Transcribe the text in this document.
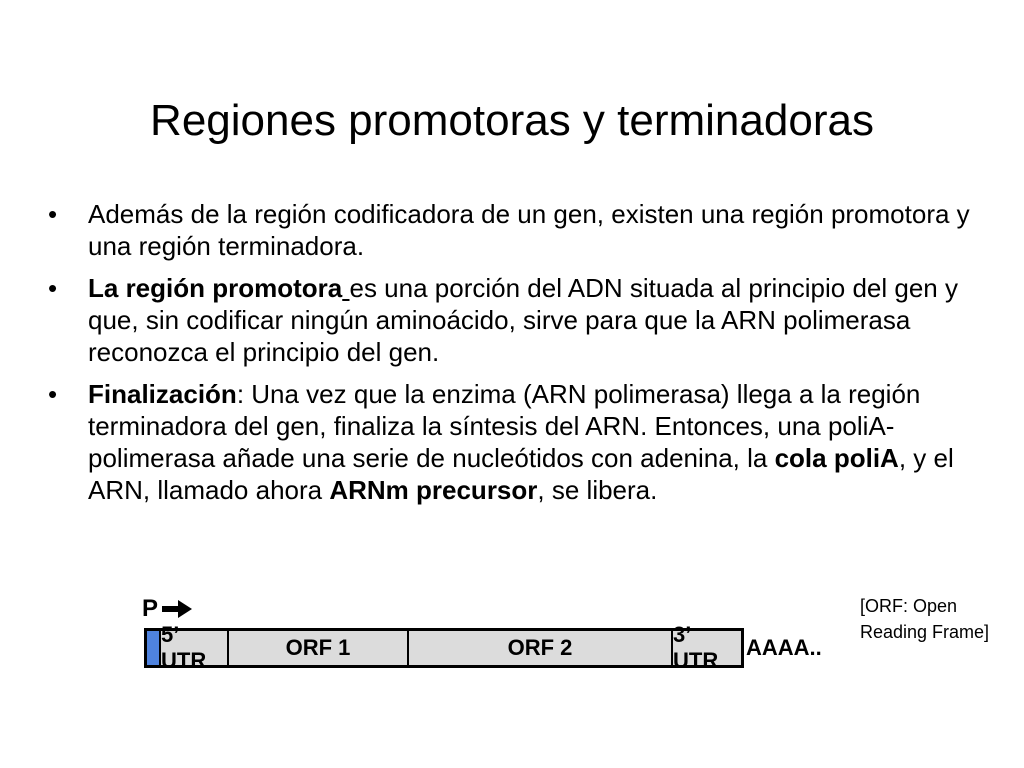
Regiones promotoras y terminadoras
• Además de la región codificadora de un gen, existen una región promotora y una región terminadora.
• La región promotora es una porción del ADN situada al principio del gen y que, sin codificar ningún aminoácido, sirve para que la ARN polimerasa reconozca el principio del gen.
• Finalización: Una vez que la enzima (ARN polimerasa) llega a la región terminadora del gen, finaliza la síntesis del ARN. Entonces, una poliA-polimerasa añade una serie de nucleótidos con adenina, la cola poliA, y el ARN, llamado ahora ARNm precursor, se libera.
P
5’ UTR
ORF 1	ORF 2
3’ UTR
AAAA..
[ORF: Open
Reading Frame]
